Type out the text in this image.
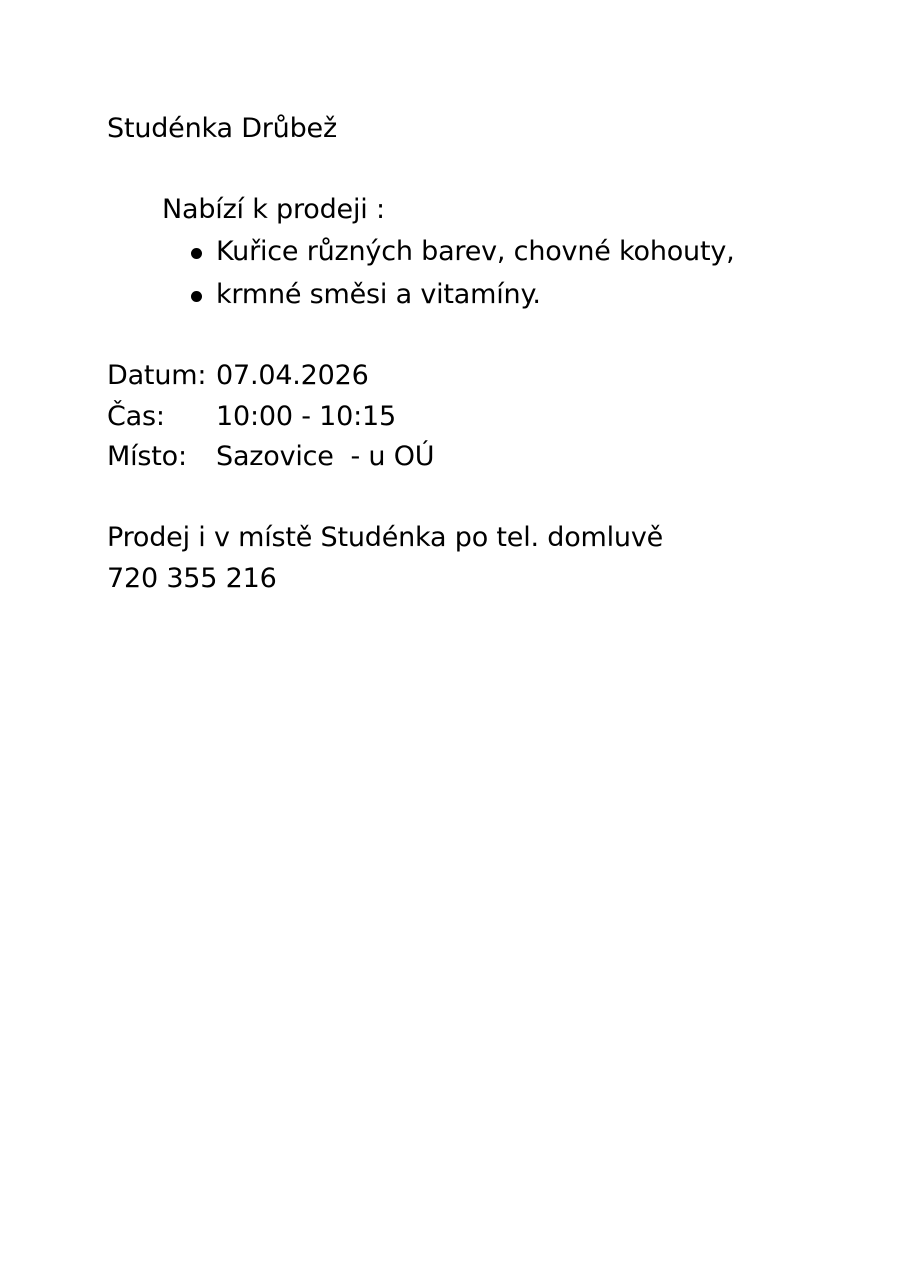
Studénka Drůbež
Nabízí k prodeji :
Kuřice různých barev, chovné kohouty,
krmné směsi a vitamíny.
Datum: 07.04.2026
Čas: 10:00 - 10:15
Místo: Sazovice  - u OÚ
Prodej i v místě Studénka po tel. domluvě
720 355 216
